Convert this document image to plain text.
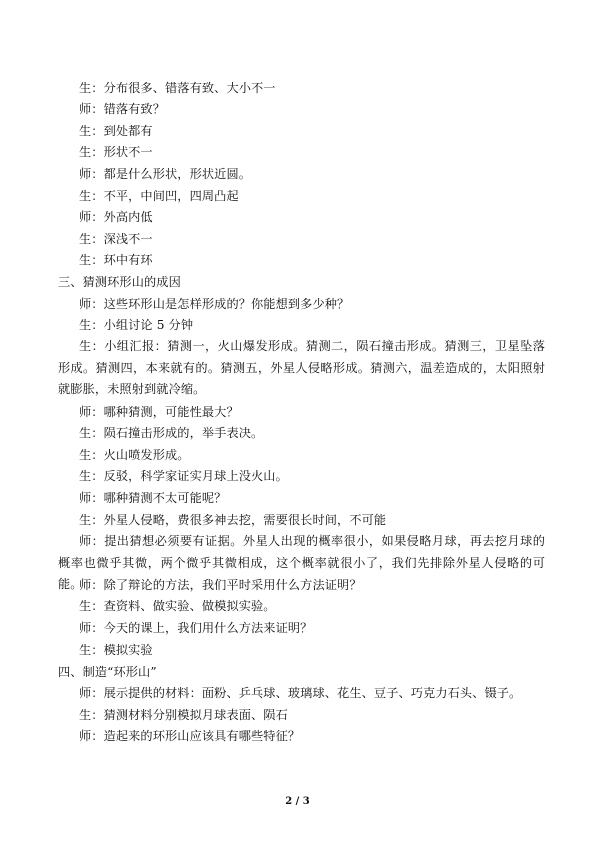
生：分布很多、错落有致、大小不一
师：错落有致？
生：到处都有
生：形状不一
师：都是什么形状，形状近圆。
生：不平，中间凹，四周凸起
师：外高内低
生：深浅不一
生：环中有环
三、猜测环形山的成因
师：这些环形山是怎样形成的？你能想到多少种？
生：小组讨论 5 分钟
生：小组汇报：猜测一，火山爆发形成。猜测二，陨石撞击形成。猜测三，卫星坠落形成。猜测四，本来就有的。猜测五，外星人侵略形成。猜测六，温差造成的，太阳照射就膨胀，未照射到就冷缩。
师：哪种猜测，可能性最大？
生：陨石撞击形成的，举手表决。
生：火山喷发形成。
生：反驳，科学家证实月球上没火山。
师：哪种猜测不太可能呢？
生：外星人侵略，费很多神去挖，需要很长时间，不可能
师：提出猜想必须要有证据。外星人出现的概率很小，如果侵略月球，再去挖月球的概率也微乎其微，两个微乎其微相成，这个概率就很小了，我们先排除外星人侵略的可能。
师：除了辩论的方法，我们平时采用什么方法证明？
生：查资料、做实验、做模拟实验。
师：今天的课上，我们用什么方法来证明？
生：模拟实验
四、制造“环形山”
师：展示提供的材料：面粉、乒乓球、玻璃球、花生、豆子、巧克力石头、镊子。
生：猜测材料分别模拟月球表面、陨石
师：造起来的环形山应该具有哪些特征？
2 / 3
